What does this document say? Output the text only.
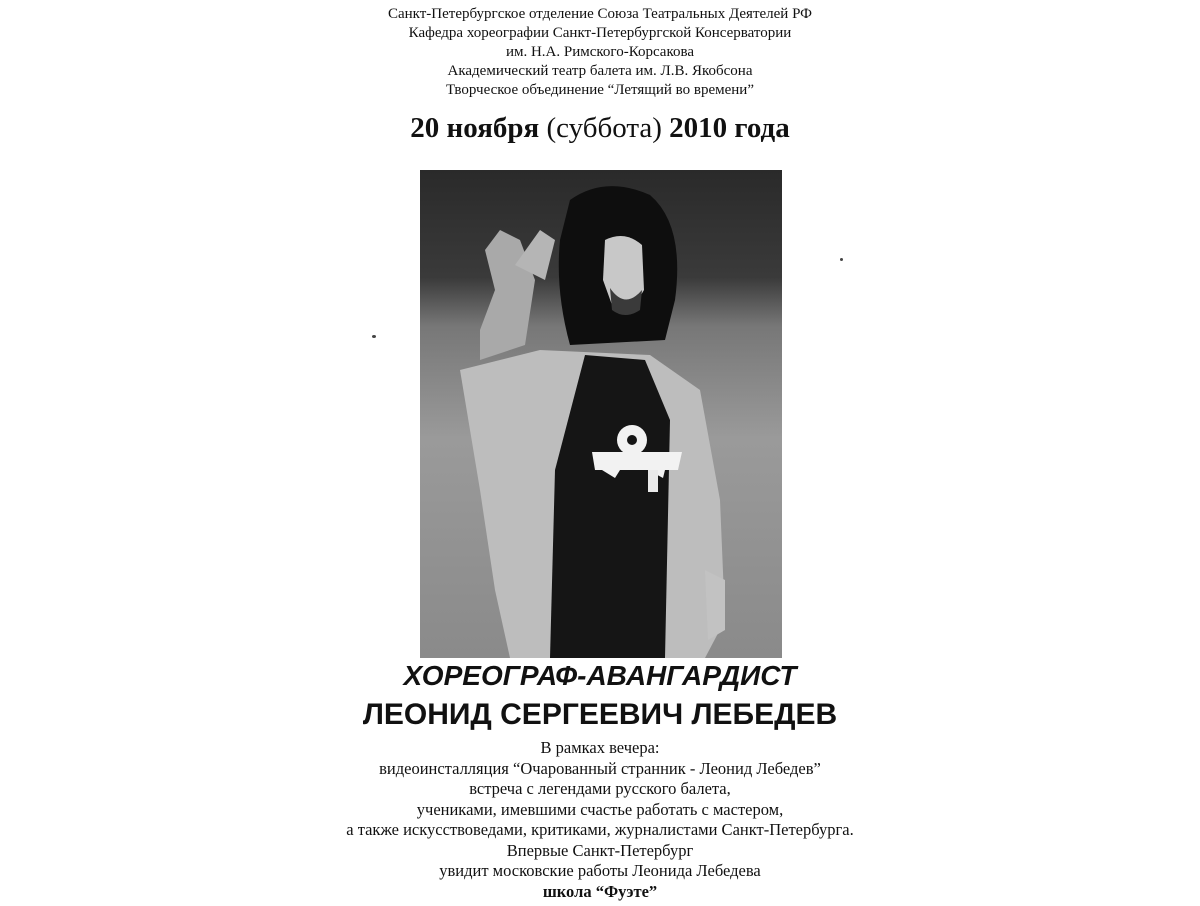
Санкт-Петербургское отделение Союза Театральных Деятелей РФ
Кафедра хореографии Санкт-Петербургской Консерватории
им. Н.А. Римского-Корсакова
Академический театр балета им. Л.В. Якобсона
Творческое объединение “Летящий во времени”
20 ноября (суббота) 2010 года
ХОРЕОГРАФ-АВАНГАРДИСТ
ЛЕОНИД СЕРГЕЕВИЧ ЛЕБЕДЕВ
В рамках вечера:
видеоинсталляция “Очарованный странник - Леонид Лебедев”
встреча с легендами русского балета,
учениками, имевшими счастье работать с мастером,
а также искусствоведами, критиками, журналистами Санкт-Петербурга.
Впервые Санкт-Петербург
увидит московские работы Леонида Лебедева
школа “Фуэте”
